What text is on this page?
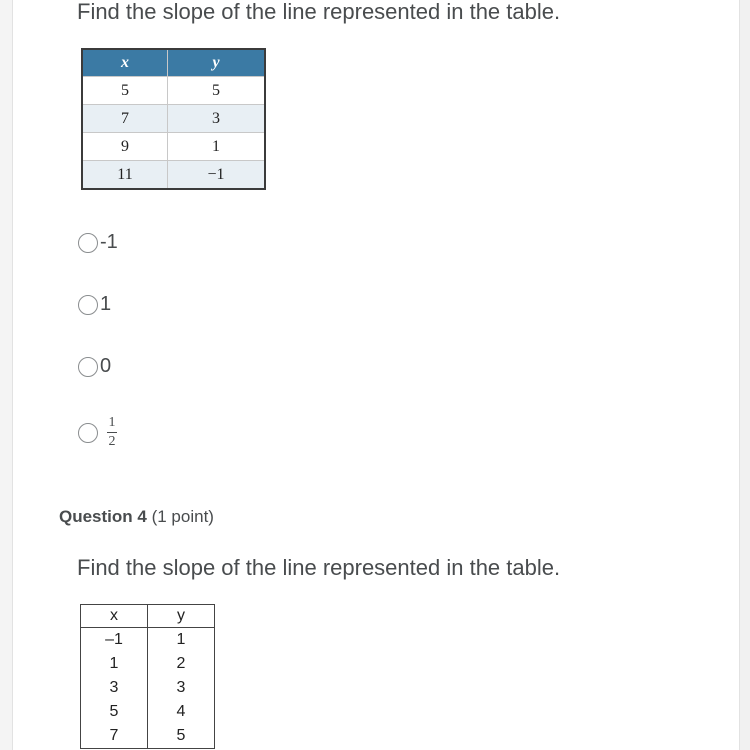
Find the slope of the line represented in the table.
x	y
5	5
7	3
9	1
11	−1
-1
1
0
$\frac{1}{2}$
Question 4 (1 point)
Find the slope of the line represented in the table.
x	y
–1	1
1	2
3	3
5	4
7	5
